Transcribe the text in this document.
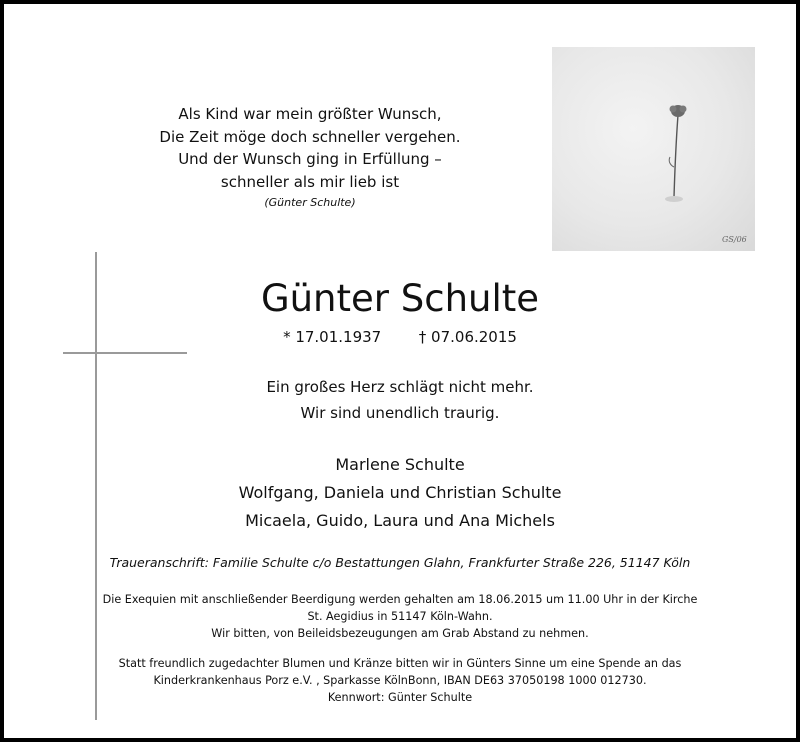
Als Kind war mein größter Wunsch,
Die Zeit möge doch schneller vergehen.
Und der Wunsch ging in Erfüllung –
schneller als mir lieb ist
(Günter Schulte)
GS/06
Günter Schulte
* 17.01.1937	† 07.06.2015
Ein großes Herz schlägt nicht mehr.
Wir sind unendlich traurig.
Marlene Schulte
Wolfgang, Daniela und Christian Schulte
Micaela, Guido, Laura und Ana Michels
Traueranschrift: Familie Schulte c/o Bestattungen Glahn, Frankfurter Straße 226, 51147 Köln
Die Exequien mit anschließender Beerdigung werden gehalten am 18.06.2015 um 11.00 Uhr in der Kirche
St. Aegidius in 51147 Köln-Wahn.
Wir bitten, von Beileidsbezeugungen am Grab Abstand zu nehmen.
Statt freundlich zugedachter Blumen und Kränze bitten wir in Günters Sinne um eine Spende an das
Kinderkrankenhaus Porz e.V. , Sparkasse KölnBonn, IBAN DE63 37050198 1000 012730.
Kennwort: Günter Schulte
